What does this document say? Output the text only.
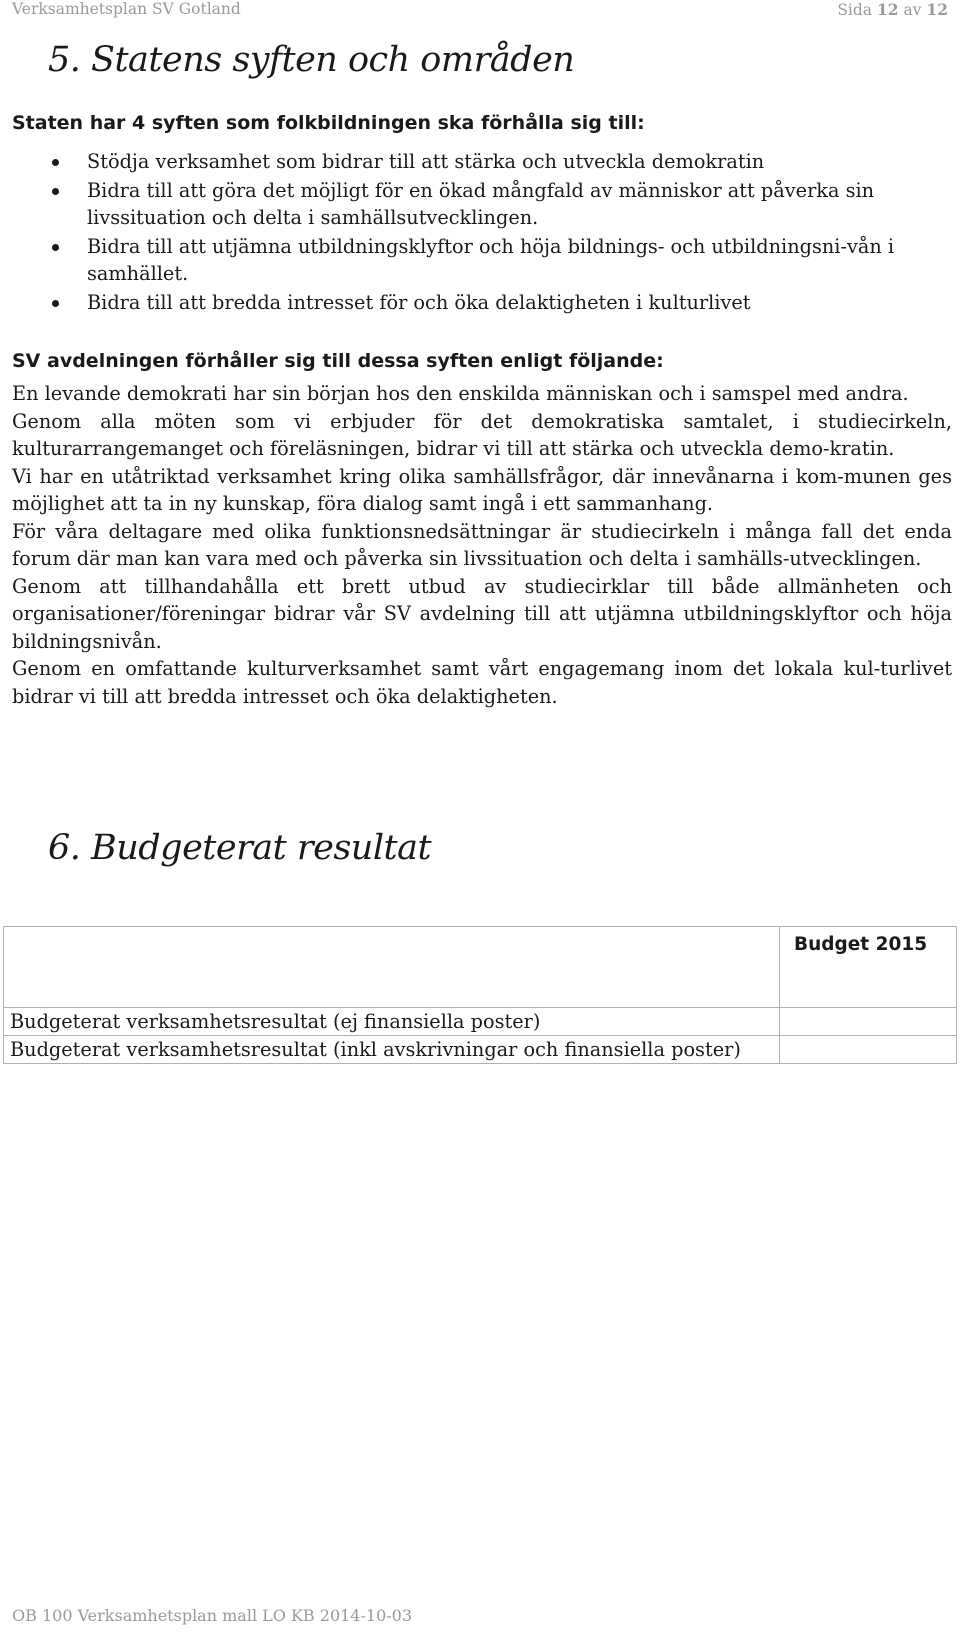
Verksamhetsplan SV Gotland	Sida 12 av 12
5. Statens syften och områden

Staten har 4 syften som folkbildningen ska förhålla sig till:

Stödja verksamhet som bidrar till att stärka och utveckla demokratin
Bidra till att göra det möjligt för en ökad mångfald av människor att påverka sin livssituation och delta i samhällsutvecklingen.
Bidra till att utjämna utbildningsklyftor och höja bildnings- och utbildningsni-vån i samhället.
Bidra till att bredda intresset för och öka delaktigheten i kulturlivet

SV avdelningen förhåller sig till dessa syften enligt följande:

En levande demokrati har sin början hos den enskilda människan och i samspel med andra.

Genom alla möten som vi erbjuder för det demokratiska samtalet, i studiecirkeln, kulturarrangemanget och föreläsningen, bidrar vi till att stärka och utveckla demo-kratin.

Vi har en utåtriktad verksamhet kring olika samhällsfrågor, där innevånarna i kom-munen ges möjlighet att ta in ny kunskap, föra dialog samt ingå i ett sammanhang.

För våra deltagare med olika funktionsnedsättningar är studiecirkeln i många fall det enda forum där man kan vara med och påverka sin livssituation och delta i samhälls-utvecklingen.

Genom att tillhandahålla ett brett utbud av studiecirklar till både allmänheten och organisationer/föreningar bidrar vår SV avdelning till att utjämna utbildningsklyftor och höja bildningsnivån.

Genom en omfattande kulturverksamhet samt vårt engagemang inom det lokala kul-turlivet bidrar vi till att bredda intresset och öka delaktigheten.

6. Budgeterat resultat
	Budget 2015
Budgeterat verksamhetsresultat (ej finansiella poster)	
Budgeterat verksamhetsresultat (inkl avskrivningar och finansiella poster)	
OB 100 Verksamhetsplan mall LO KB 2014-10-03
